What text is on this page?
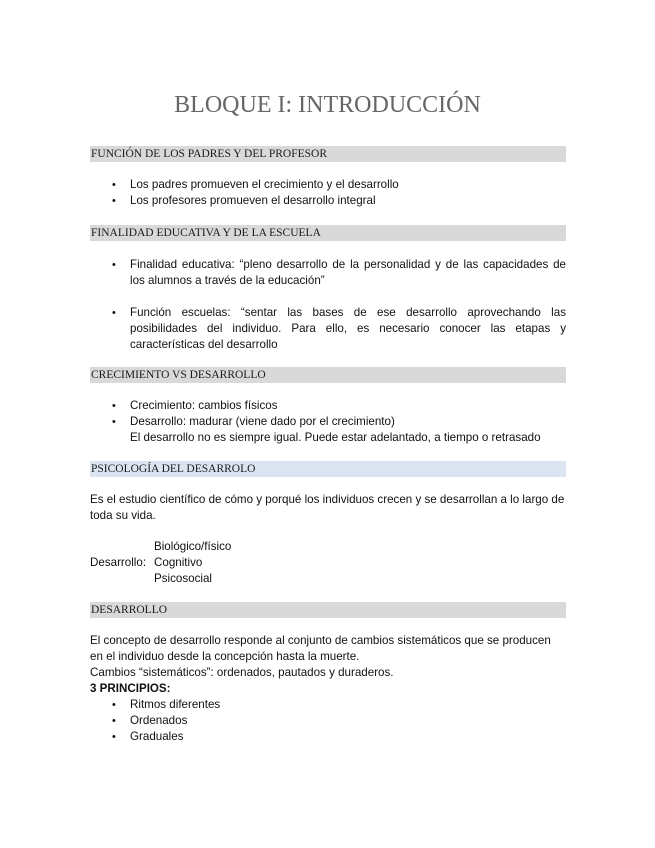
BLOQUE I: INTRODUCCIÓN
FUNCIÓN DE LOS PADRES Y DEL PROFESOR
• Los padres promueven el crecimiento y el desarrollo
• Los profesores promueven el desarrollo integral
FINALIDAD EDUCATIVA Y DE LA ESCUELA
• Finalidad educativa: “pleno desarrollo de la personalidad y de las capacidades de los alumnos a través de la educación”
• Función escuelas: “sentar las bases de ese desarrollo aprovechando las posibilidades del individuo. Para ello, es necesario conocer las etapas y características del desarrollo
CRECIMIENTO VS DESARROLLO
• Crecimiento: cambios físicos
• Desarrollo: madurar (viene dado por el crecimiento)
El desarrollo no es siempre igual. Puede estar adelantado, a tiempo o retrasado
PSICOLOGÍA DEL DESARROLO

Es el estudio científico de cómo y porqué los individuos crecen y se desarrollan a lo largo de toda su vida.

Desarrollo:
Biológico/físico
Cognitivo
Psicosocial
DESARROLLO

El concepto de desarrollo responde al conjunto de cambios sistemáticos que se producen en el individuo desde la concepción hasta la muerte.

Cambios “sistemáticos”: ordenados, pautados y duraderos.

3 PRINCIPIOS:

• Ritmos diferentes
• Ordenados
• Graduales
